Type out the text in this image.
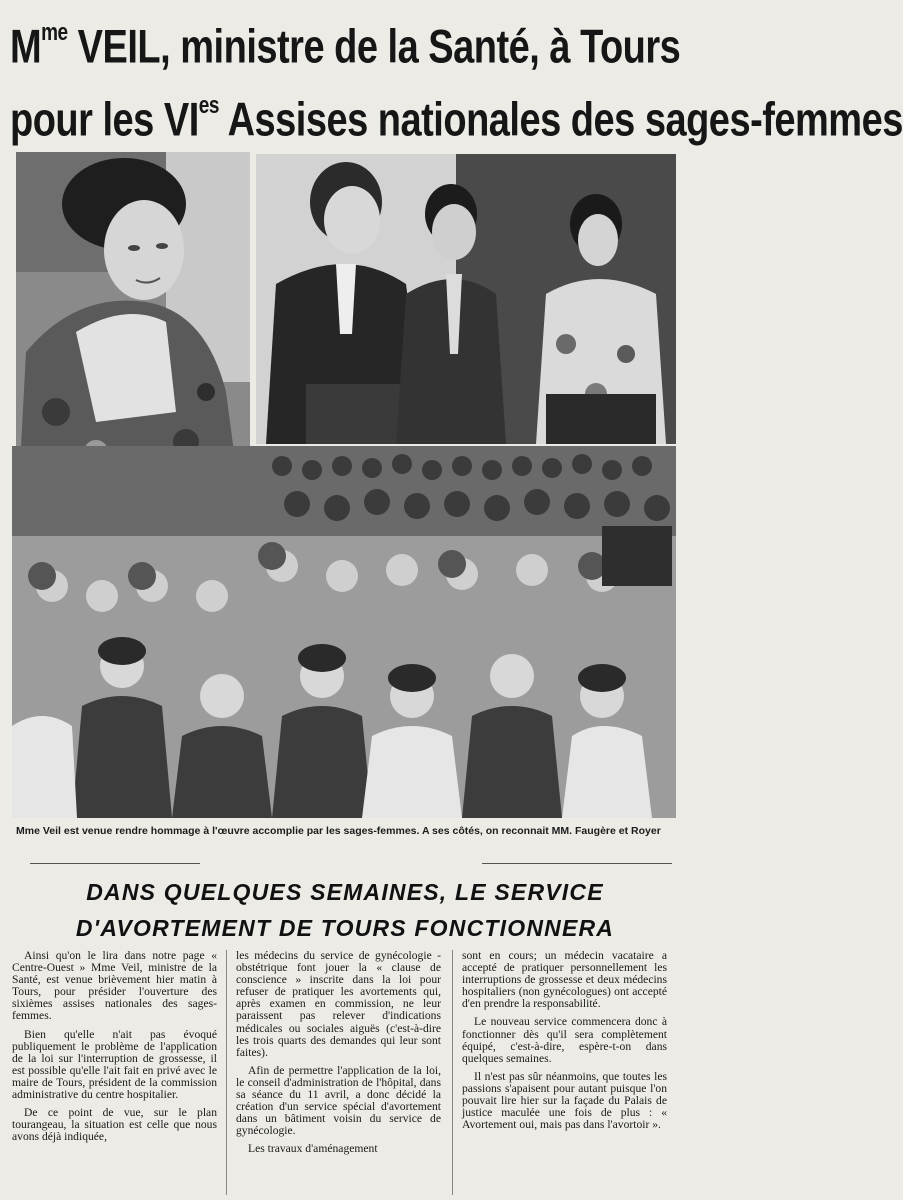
$M^{me}$ VEIL, ministre de la Santé, à Tours
pour les $VI^{es}$ Assises nationales des sages-femmes
Mme Veil est venue rendre hommage à l'œuvre accomplie par les sages-femmes. A ses côtés, on reconnait MM. Faugère et Royer
DANS QUELQUES SEMAINES, LE SERVICE D'AVORTEMENT DE TOURS FONCTIONNERA

Ainsi qu'on le lira dans notre page « Centre-Ouest » Mme Veil, ministre de la Santé, est venue brièvement hier matin à Tours, pour présider l'ouverture des sixièmes assises nationales des sages-femmes.

Bien qu'elle n'ait pas évoqué publiquement le problème de l'application de la loi sur l'interruption de grossesse, il est possible qu'elle l'ait fait en privé avec le maire de Tours, président de la commission administrative du centre hospitalier.

De ce point de vue, sur le plan tourangeau, la situation est celle que nous avons déjà indiquée,

les médecins du service de gynécologie - obstétrique font jouer la « clause de conscience » inscrite dans la loi pour refuser de pratiquer les avortements qui, après examen en commission, ne leur paraissent pas relever d'indications médicales ou sociales aiguës (c'est-à-dire les trois quarts des demandes qui leur sont faites).

Afin de permettre l'application de la loi, le conseil d'administration de l'hôpital, dans sa séance du 11 avril, a donc décidé la création d'un service spécial d'avortement dans un bâtiment voisin du service de gynécologie.

Les travaux d'aménagement

sont en cours; un médecin vacataire a accepté de pratiquer personnellement les interruptions de grossesse et deux médecins hospitaliers (non gynécologues) ont accepté d'en prendre la responsabilité.

Le nouveau service commencera donc à fonctionner dès qu'il sera complètement équipé, c'est-à-dire, espère-t-on dans quelques semaines.

Il n'est pas sûr néanmoins, que toutes les passions s'apaisent pour autant puisque l'on pouvait lire hier sur la façade du Palais de justice maculée une fois de plus : « Avortement oui, mais pas dans l'avortoir ».
